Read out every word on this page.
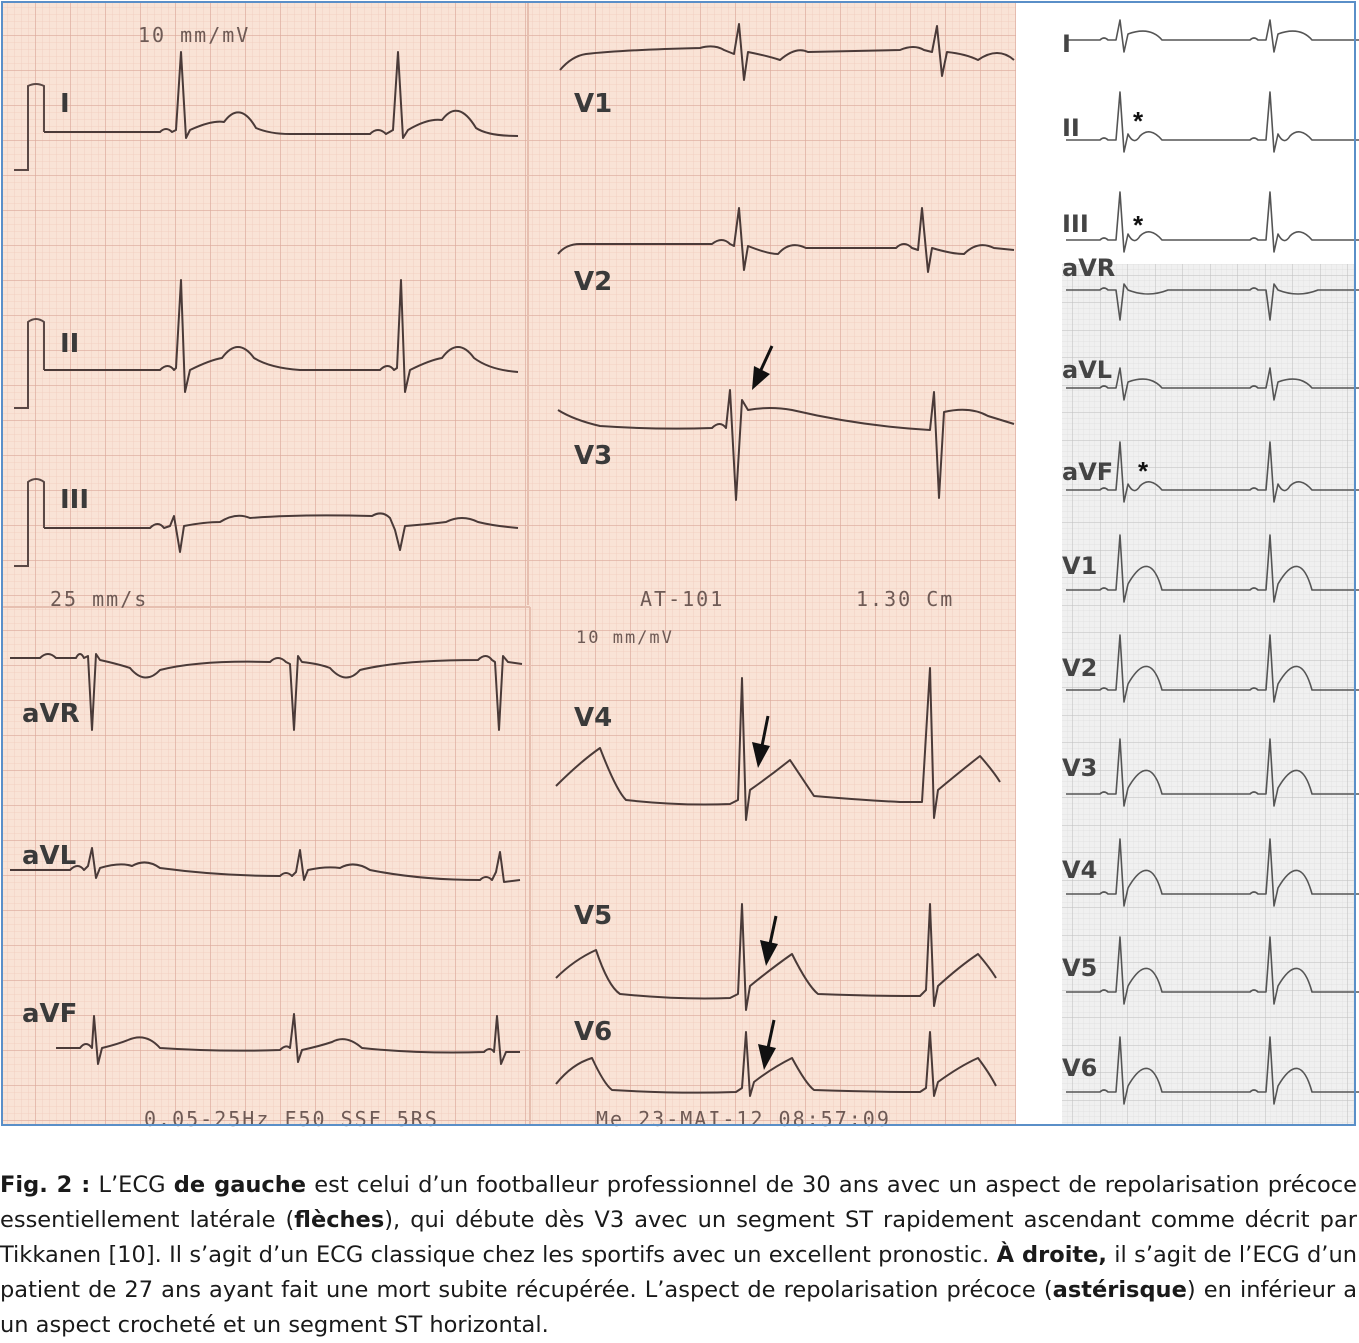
10 mm/mV
25 mm/s	AT-101	1.30 Cm
10 mm/mV
0.05-25Hz F50 SSF 5RS	Me 23-MAI-12 08:57:09
I
II
III
aVR
aVL
aVF
V1
V2
V3
V4
V5
V6
I
II
III
aVR
aVL
aVF
V1
V2
V3
V4
V5
V6
*
*
*
Fig. 2 : L’ECG de gauche est celui d’un footballeur professionnel de 30 ans avec un aspect de repolarisation précoce essentiellement latérale (flèches), qui débute dès V3 avec un segment ST rapidement ascendant comme décrit par Tikkanen [10]. Il s’agit d’un ECG classique chez les sportifs avec un excellent pronostic. À droite, il s’agit de l’ECG d’un patient de 27 ans ayant fait une mort subite récupérée. L’aspect de repolarisation précoce (astérisque) en inférieur a un aspect crocheté et un segment ST horizontal.
